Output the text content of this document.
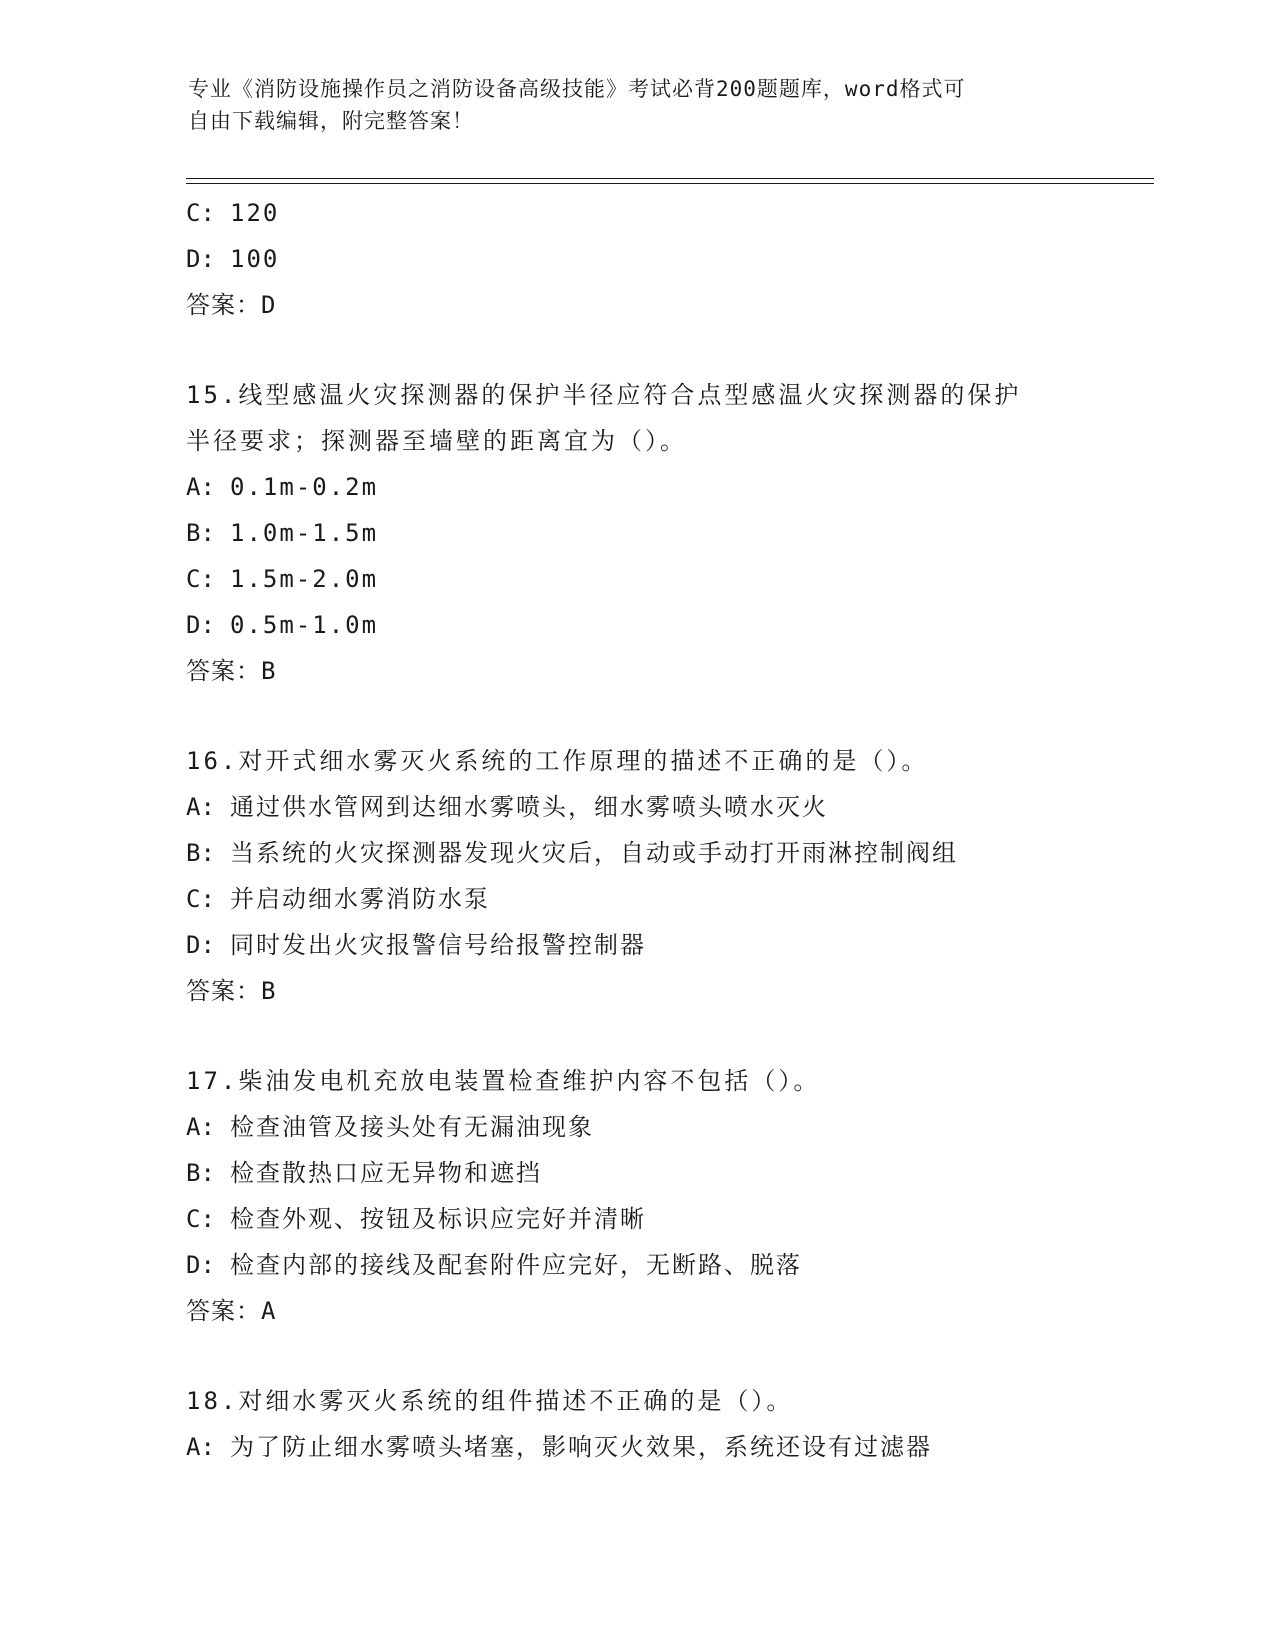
专业《消防设施操作员之消防设备高级技能》考试必背200题题库，word格式可
自由下载编辑，附完整答案！
C: 120
D: 100
答案：D
15.线型感温火灾探测器的保护半径应符合点型感温火灾探测器的保护
半径要求；探测器至墙壁的距离宜为（）。
A: 0.1m-0.2m
B: 1.0m-1.5m
C: 1.5m-2.0m
D: 0.5m-1.0m
答案：B
16.对开式细水雾灭火系统的工作原理的描述不正确的是（）。
A: 通过供水管网到达细水雾喷头，细水雾喷头喷水灭火
B: 当系统的火灾探测器发现火灾后，自动或手动打开雨淋控制阀组
C: 并启动细水雾消防水泵
D: 同时发出火灾报警信号给报警控制器
答案：B
17.柴油发电机充放电装置检查维护内容不包括（）。
A: 检查油管及接头处有无漏油现象
B: 检查散热口应无异物和遮挡
C: 检查外观、按钮及标识应完好并清晰
D: 检查内部的接线及配套附件应完好，无断路、脱落
答案：A
18.对细水雾灭火系统的组件描述不正确的是（）。
A: 为了防止细水雾喷头堵塞，影响灭火效果，系统还设有过滤器
